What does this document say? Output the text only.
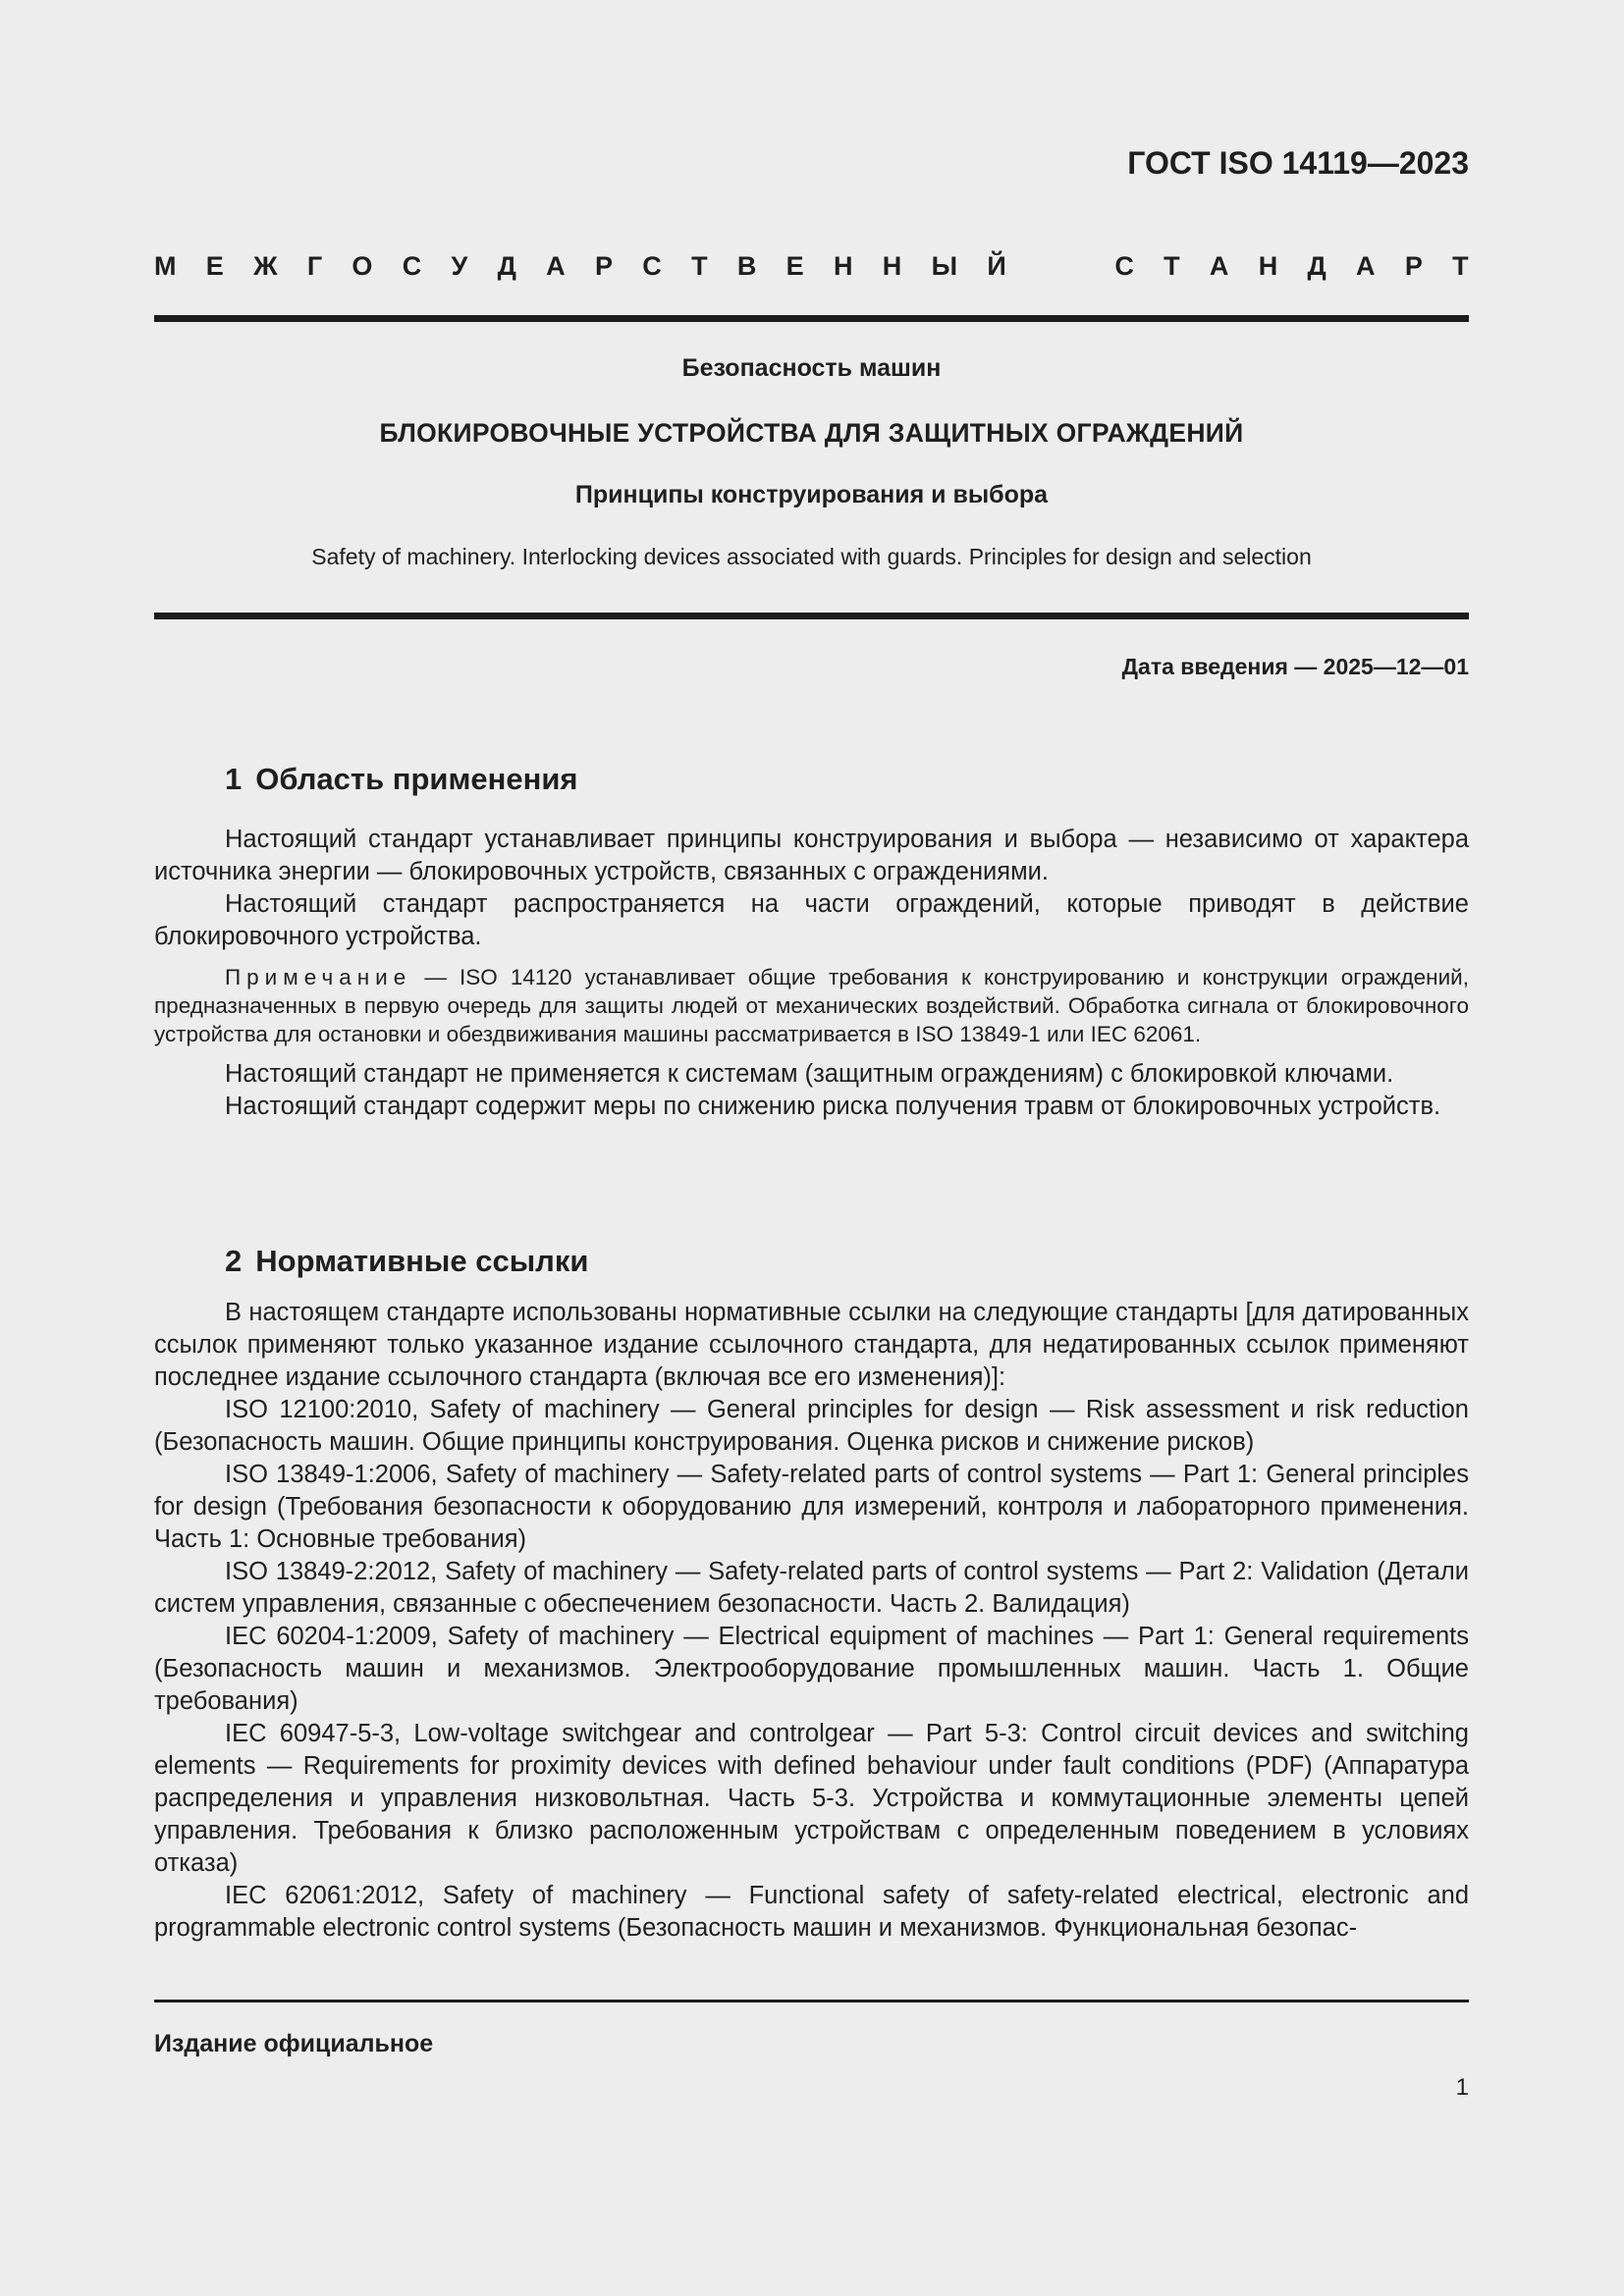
ГОСТ ISO 14119—2023
М Е Ж Г О С У Д А Р С Т В Е Н Н Ы Й	С Т А Н Д А Р Т
Безопасность машин
БЛОКИРОВОЧНЫЕ УСТРОЙСТВА ДЛЯ ЗАЩИТНЫХ ОГРАЖДЕНИЙ
Принципы конструирования и выбора
Safety of machinery. Interlocking devices associated with guards. Principles for design and selection
Дата введения — 2025—12—01
1 Область применения

Настоящий стандарт устанавливает принципы конструирования и выбора — независимо от характера источника энергии — блокировочных устройств, связанных с ограждениями.

Настоящий стандарт распространяется на части ограждений, которые приводят в действие блокировочного устройства.

Примечание — ISO 14120 устанавливает общие требования к конструированию и конструкции ограждений, предназначенных в первую очередь для защиты людей от механических воздействий. Обработка сигнала от блокировочного устройства для остановки и обездвиживания машины рассматривается в ISO 13849-1 или IEC 62061.

Настоящий стандарт не применяется к системам (защитным ограждениям) с блокировкой ключами.

Настоящий стандарт содержит меры по снижению риска получения травм от блокировочных устройств.

2 Нормативные ссылки

В настоящем стандарте использованы нормативные ссылки на следующие стандарты [для датированных ссылок применяют только указанное издание ссылочного стандарта, для недатированных ссылок применяют последнее издание ссылочного стандарта (включая все его изменения)]:

ISO 12100:2010, Safety of machinery — General principles for design — Risk assessment и risk reduction (Безопасность машин. Общие принципы конструирования. Оценка рисков и снижение рисков)

ISO 13849-1:2006, Safety of machinery — Safety-related parts of control systems — Part 1: General principles for design (Требования безопасности к оборудованию для измерений, контроля и лабораторного применения. Часть 1: Основные требования)

ISO 13849-2:2012, Safety of machinery — Safety-related parts of control systems — Part 2: Validation (Детали систем управления, связанные с обеспечением безопасности. Часть 2. Валидация)

IEC 60204-1:2009, Safety of machinery — Electrical equipment of machines — Part 1: General requirements (Безопасность машин и механизмов. Электрооборудование промышленных машин. Часть 1. Общие требования)

IEC 60947-5-3, Low-voltage switchgear and controlgear — Part 5-3: Control circuit devices and switching elements — Requirements for proximity devices with defined behaviour under fault conditions (PDF) (Аппаратура распределения и управления низковольтная. Часть 5-3. Устройства и коммутационные элементы цепей управления. Требования к близко расположенным устройствам с определенным поведением в условиях отказа)

IEC 62061:2012, Safety of machinery — Functional safety of safety-related electrical, electronic and programmable electronic control systems (Безопасность машин и механизмов. Функциональная безопас-

Издание официальное
1
